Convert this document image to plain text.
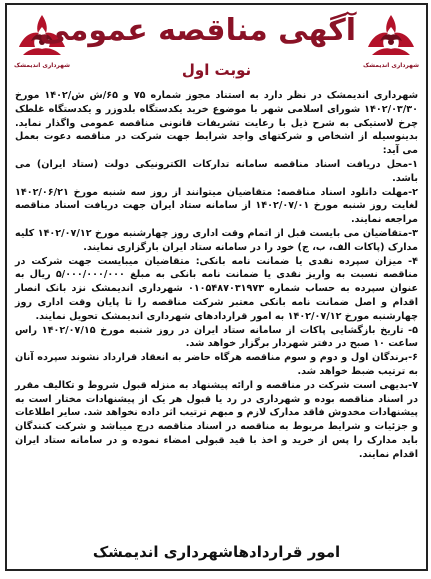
شهرداری اندیمشک
آگهی مناقصه عمومی
نوبت اول	شهرداری اندیمشک

شهرداری اندیمشک در نظر دارد به استناد مجوز شماره ۷۵ و ۶۵/ش ش/۱۴۰۲ مورخ ۱۴۰۲/۰۳/۳۰ شورای اسلامی شهر با موضوع خرید یکدستگاه بلدوزر و یکدستگاه غلطک چرخ لاستیکی به شرح ذیل با رعایت تشریفات قانونی مناقصه عمومی واگذار نماید. بدینوسیله از اشخاص و شرکتهای واجد شرایط جهت شرکت در مناقصه دعوت بعمل می آید:

۱-محل دریافت اسناد مناقصه سامانه تدارکات الکترونیکی دولت (ستاد ایران) می باشد.

۲-مهلت دانلود اسناد مناقصه: متقاضیان میتوانند از روز سه شنبه مورخ ۱۴۰۲/۰۶/۲۱ لغایت روز شنبه مورخ ۱۴۰۲/۰۷/۰۱ از سامانه ستاد ایران جهت دریافت اسناد مناقصه مراجعه نمایند.

۳-متقاضیان می بایست قبل از اتمام وقت اداری روز چهارشنبه مورخ ۱۴۰۲/۰۷/۱۲ کلیه مدارک (پاکات الف، ب، ج) خود را در سامانه ستاد ایران بارگزاری نمایند.

۴- میزان سپرده نقدی یا ضمانت نامه بانکی: متقاضیان میبایست جهت شرکت در مناقصه نسبت به واریز نقدی یا ضمانت نامه بانکی به مبلغ ۵/۰۰۰/۰۰۰/۰۰۰ ریال به عنوان سپرده به حساب شماره ۰۱۰۵۴۸۷۰۳۱۹۷۳ شهرداری اندیمشک نزد بانک انصار اقدام و اصل ضمانت نامه بانکی معتبر شرکت مناقصه را تا پایان وقت اداری روز چهارشنبه مورخ ۱۴۰۲/۰۷/۱۲ به امور قراردادهای شهرداری اندیمشک تحویل نمایند.

۵- تاریخ بازگشایی پاکات از سامانه ستاد ایران در روز شنبه مورخ ۱۴۰۲/۰۷/۱۵ راس ساعت ۱۰ صبح در دفتر شهردار برگزار خواهد شد.

۶-برندگان اول و دوم و سوم مناقصه هرگاه حاضر به انعقاد قرارداد نشوند سپرده آنان به ترتیب ضبط خواهد شد.

۷-بدیهی است شرکت در مناقصه و ارائه پیشنهاد به منزله قبول شروط و تکالیف مقرر در اسناد مناقصه بوده و شهرداری در رد یا قبول هر یک از پیشنهادات مختار است به پیشنهادات مخدوش فاقد مدارک لازم و مبهم ترتیب اثر داده نخواهد شد. سایر اطلاعات و جزئیات و شرایط مربوط به مناقصه در اسناد مناقصه درج میباشد و شرکت کنندگان باید مدارک را پس از خرید و اخذ با قید قبولی امضاء نموده و در سامانه ستاد ایران اقدام نمایند.

امور قراردادهاشهرداری اندیمشک
